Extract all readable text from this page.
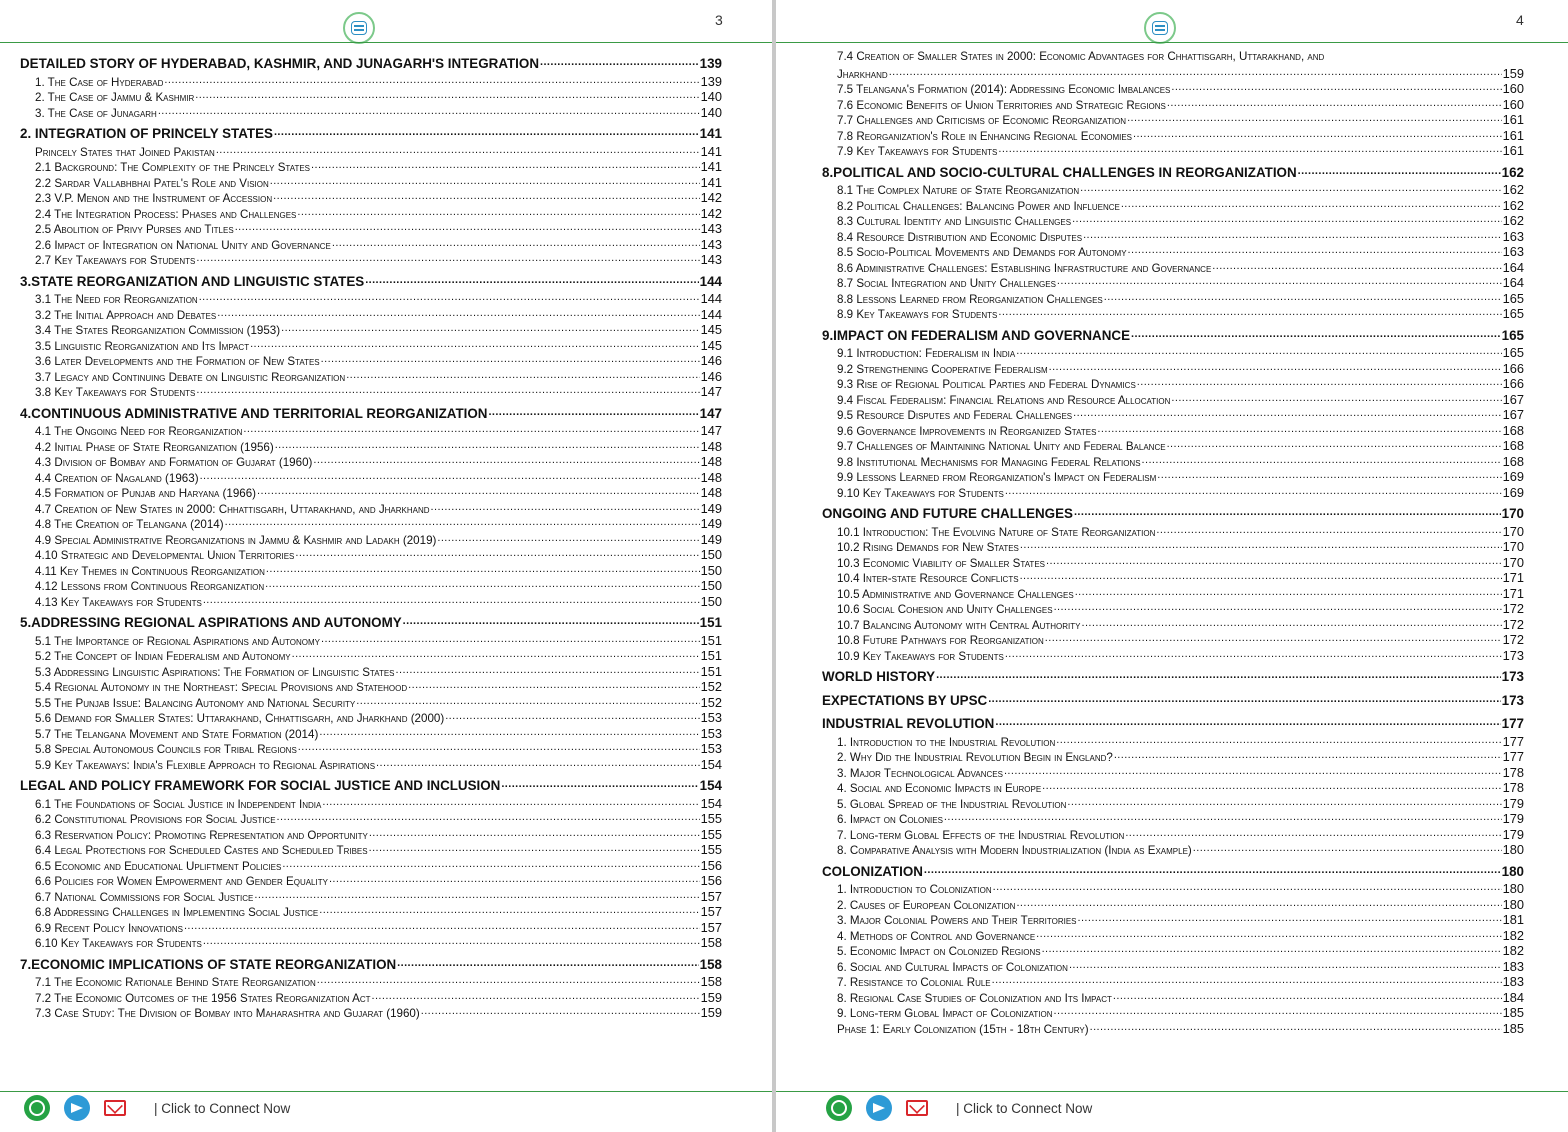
3
DETAILED STORY OF HYDERABAD, KASHMIR, AND JUNAGARH'S INTEGRATION .....	139
1. The Case of Hyderabad .....	139
2. The Case of Jammu & Kashmir .....	140
3. The Case of Junagarh .....	140
2. INTEGRATION OF PRINCELY STATES .....	141
Princely States that Joined Pakistan .....	141
2.1 Background: The Complexity of the Princely States .....	141
2.2 Sardar Vallabhbhai Patel's Role and Vision .....	141
2.3 V.P. Menon and the Instrument of Accession .....	142
2.4 The Integration Process: Phases and Challenges .....	142
2.5 Abolition of Privy Purses and Titles .....	143
2.6 Impact of Integration on National Unity and Governance .....	143
2.7 Key Takeaways for Students .....	143
3.STATE REORGANIZATION AND LINGUISTIC STATES .....	144
3.1 The Need for Reorganization .....	144
3.2 The Initial Approach and Debates .....	144
3.4 The States Reorganization Commission (1953) .....	145
3.5 Linguistic Reorganization and Its Impact .....	145
3.6 Later Developments and the Formation of New States .....	146
3.7 Legacy and Continuing Debate on Linguistic Reorganization .....	146
3.8 Key Takeaways for Students .....	147
4.CONTINUOUS ADMINISTRATIVE AND TERRITORIAL REORGANIZATION .....	147
4.1 The Ongoing Need for Reorganization .....	147
4.2 Initial Phase of State Reorganization (1956) .....	148
4.3 Division of Bombay and Formation of Gujarat (1960) .....	148
4.4 Creation of Nagaland (1963) .....	148
4.5 Formation of Punjab and Haryana (1966) .....	148
4.7 Creation of New States in 2000: Chhattisgarh, Uttarakhand, and Jharkhand .....	149
4.8 The Creation of Telangana (2014) .....	149
4.9 Special Administrative Reorganizations in Jammu & Kashmir and Ladakh (2019) .....	149
4.10 Strategic and Developmental Union Territories .....	150
4.11 Key Themes in Continuous Reorganization .....	150
4.12 Lessons from Continuous Reorganization .....	150
4.13 Key Takeaways for Students .....	150
5.ADDRESSING REGIONAL ASPIRATIONS AND AUTONOMY .....	151
5.1 The Importance of Regional Aspirations and Autonomy .....	151
5.2 The Concept of Indian Federalism and Autonomy .....	151
5.3 Addressing Linguistic Aspirations: The Formation of Linguistic States .....	151
5.4 Regional Autonomy in the Northeast: Special Provisions and Statehood .....	152
5.5 The Punjab Issue: Balancing Autonomy and National Security .....	152
5.6 Demand for Smaller States: Uttarakhand, Chhattisgarh, and Jharkhand (2000) .....	153
5.7 The Telangana Movement and State Formation (2014) .....	153
5.8 Special Autonomous Councils for Tribal Regions .....	153
5.9 Key Takeaways: India's Flexible Approach to Regional Aspirations .....	154
LEGAL AND POLICY FRAMEWORK FOR SOCIAL JUSTICE AND INCLUSION .....	154
6.1 The Foundations of Social Justice in Independent India .....	154
6.2 Constitutional Provisions for Social Justice .....	155
6.3 Reservation Policy: Promoting Representation and Opportunity .....	155
6.4 Legal Protections for Scheduled Castes and Scheduled Tribes .....	155
6.5 Economic and Educational Upliftment Policies .....	156
6.6 Policies for Women Empowerment and Gender Equality .....	156
6.7 National Commissions for Social Justice .....	157
6.8 Addressing Challenges in Implementing Social Justice .....	157
6.9 Recent Policy Innovations .....	157
6.10 Key Takeaways for Students .....	158
7.ECONOMIC IMPLICATIONS OF STATE REORGANIZATION .....	158
7.1 The Economic Rationale Behind State Reorganization .....	158
7.2 The Economic Outcomes of the 1956 States Reorganization Act .....	159
7.3 Case Study: The Division of Bombay into Maharashtra and Gujarat (1960) .....	159
| Click to Connect Now
4
7.4 Creation of Smaller States in 2000: Economic Advantages for Chhattisgarh, Uttarakhand, and
Jharkhand .....	159
7.5 Telangana's Formation (2014): Addressing Economic Imbalances .....	160
7.6 Economic Benefits of Union Territories and Strategic Regions .....	160
7.7 Challenges and Criticisms of Economic Reorganization .....	161
7.8 Reorganization's Role in Enhancing Regional Economies .....	161
7.9 Key Takeaways for Students .....	161
8.POLITICAL AND SOCIO-CULTURAL CHALLENGES IN REORGANIZATION .....	162
8.1 The Complex Nature of State Reorganization .....	162
8.2 Political Challenges: Balancing Power and Influence .....	162
8.3 Cultural Identity and Linguistic Challenges .....	162
8.4 Resource Distribution and Economic Disputes .....	163
8.5 Socio-Political Movements and Demands for Autonomy .....	163
8.6 Administrative Challenges: Establishing Infrastructure and Governance .....	164
8.7 Social Integration and Unity Challenges .....	164
8.8 Lessons Learned from Reorganization Challenges .....	165
8.9 Key Takeaways for Students .....	165
9.IMPACT ON FEDERALISM AND GOVERNANCE .....	165
9.1 Introduction: Federalism in India .....	165
9.2 Strengthening Cooperative Federalism .....	166
9.3 Rise of Regional Political Parties and Federal Dynamics .....	166
9.4 Fiscal Federalism: Financial Relations and Resource Allocation .....	167
9.5 Resource Disputes and Federal Challenges .....	167
9.6 Governance Improvements in Reorganized States .....	168
9.7 Challenges of Maintaining National Unity and Federal Balance .....	168
9.8 Institutional Mechanisms for Managing Federal Relations .....	168
9.9 Lessons Learned from Reorganization's Impact on Federalism .....	169
9.10 Key Takeaways for Students .....	169
ONGOING AND FUTURE CHALLENGES .....	170
10.1 Introduction: The Evolving Nature of State Reorganization .....	170
10.2 Rising Demands for New States .....	170
10.3 Economic Viability of Smaller States .....	170
10.4 Inter-state Resource Conflicts .....	171
10.5 Administrative and Governance Challenges .....	171
10.6 Social Cohesion and Unity Challenges .....	172
10.7 Balancing Autonomy with Central Authority .....	172
10.8 Future Pathways for Reorganization .....	172
10.9 Key Takeaways for Students .....	173
WORLD HISTORY .....	173
EXPECTATIONS BY UPSC .....	173
INDUSTRIAL REVOLUTION .....	177
1. Introduction to the Industrial Revolution .....	177
2. Why Did the Industrial Revolution Begin in England? .....	177
3. Major Technological Advances .....	178
4. Social and Economic Impacts in Europe .....	178
5. Global Spread of the Industrial Revolution .....	179
6. Impact on Colonies .....	179
7. Long-term Global Effects of the Industrial Revolution .....	179
8. Comparative Analysis with Modern Industrialization (India as Example) .....	180
COLONIZATION .....	180
1. Introduction to Colonization .....	180
2. Causes of European Colonization .....	180
3. Major Colonial Powers and Their Territories .....	181
4. Methods of Control and Governance .....	182
5. Economic Impact on Colonized Regions .....	182
6. Social and Cultural Impacts of Colonization .....	183
7. Resistance to Colonial Rule .....	183
8. Regional Case Studies of Colonization and Its Impact .....	184
9. Long-term Global Impact of Colonization .....	185
Phase 1: Early Colonization (15th - 18th Century) .....	185
| Click to Connect Now
